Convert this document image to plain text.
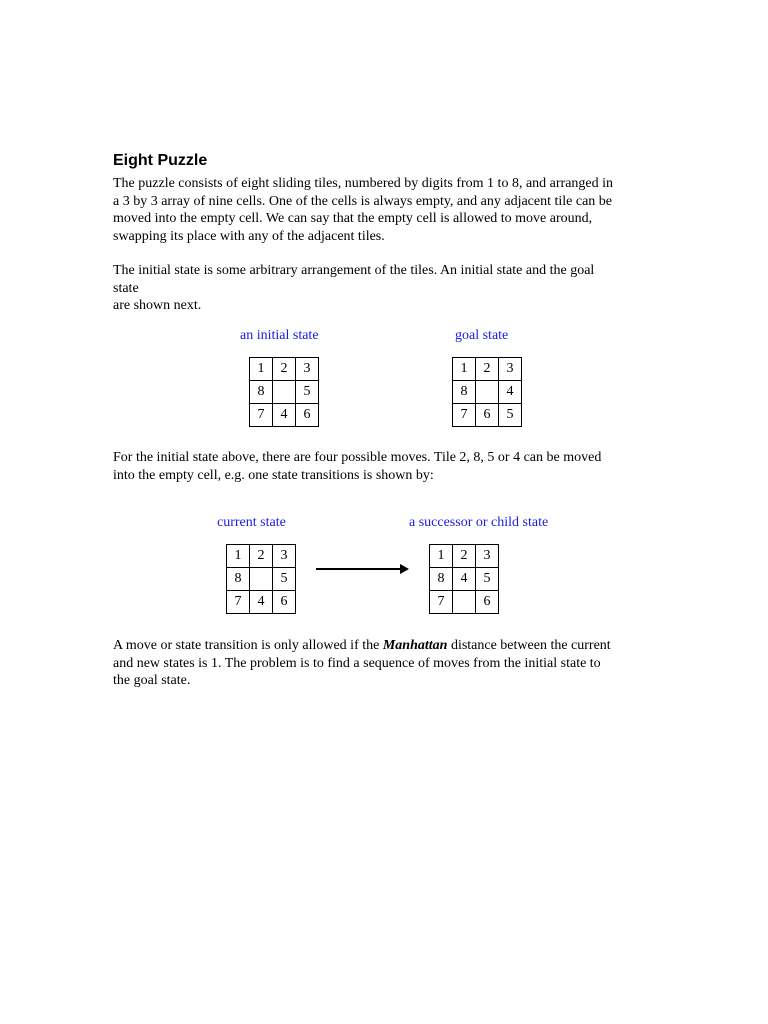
Eight Puzzle

The puzzle consists of eight sliding tiles, numbered by digits from 1 to 8, and arranged in
a 3 by 3 array of nine cells. One of the cells is always empty, and any adjacent tile can be
moved into the empty cell. We can say that the empty cell is allowed to move around,
swapping its place with any of the adjacent tiles.

The initial state is some arbitrary arrangement of the tiles. An initial state and the goal
state
are shown next.

an initial state	goal state
1	2	3
8		5
7	4	6
1	2	3
8		4
7	6	5

For the initial state above, there are four possible moves. Tile 2, 8, 5 or 4 can be moved
into the empty cell, e.g. one state transitions is shown by:

current state	a successor or child state
1	2	3
8		5
7	4	6
1	2	3
8	4	5
7		6

A move or state transition is only allowed if the Manhattan distance between the current
and new states is 1. The problem is to find a sequence of moves from the initial state to
the goal state.
